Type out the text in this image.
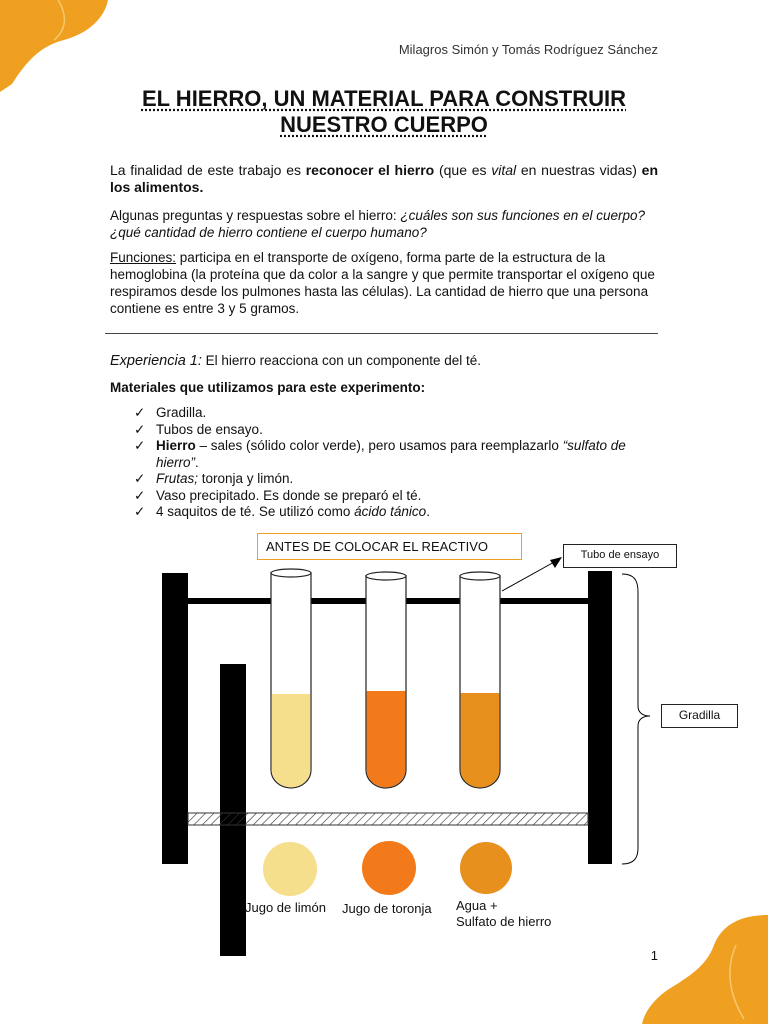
Milagros Simón y Tomás Rodríguez Sánchez
EL HIERRO, UN MATERIAL PARA CONSTRUIR
NUESTRO CUERPO
La finalidad de este trabajo es reconocer el hierro (que es vital en nuestras vidas) en los alimentos.
Algunas preguntas y respuestas sobre el hierro: ¿cuáles son sus funciones en el cuerpo? ¿qué cantidad de hierro contiene el cuerpo humano?
Funciones: participa en el transporte de oxígeno, forma parte de la estructura de la hemoglobina (la proteína que da color a la sangre y que permite transportar el oxígeno que respiramos desde los pulmones hasta las células). La cantidad de hierro que una persona contiene es entre 3 y 5 gramos.
Experiencia 1: El hierro reacciona con un componente del té.
Materiales que utilizamos para este experimento:
✓ Gradilla.
✓ Tubos de ensayo.
✓ Hierro – sales (sólido color verde), pero usamos para reemplazarlo “sulfato de hierro”.
✓ Frutas; toronja y limón.
✓ Vaso precipitado. Es donde se preparó el té.
✓ 4 saquitos de té. Se utilizó como ácido tánico.
ANTES DE COLOCAR EL REACTIVO
Tubo de ensayo
Gradilla
Jugo de limón Jugo de toronja Agua +
Sulfato de hierro
1
